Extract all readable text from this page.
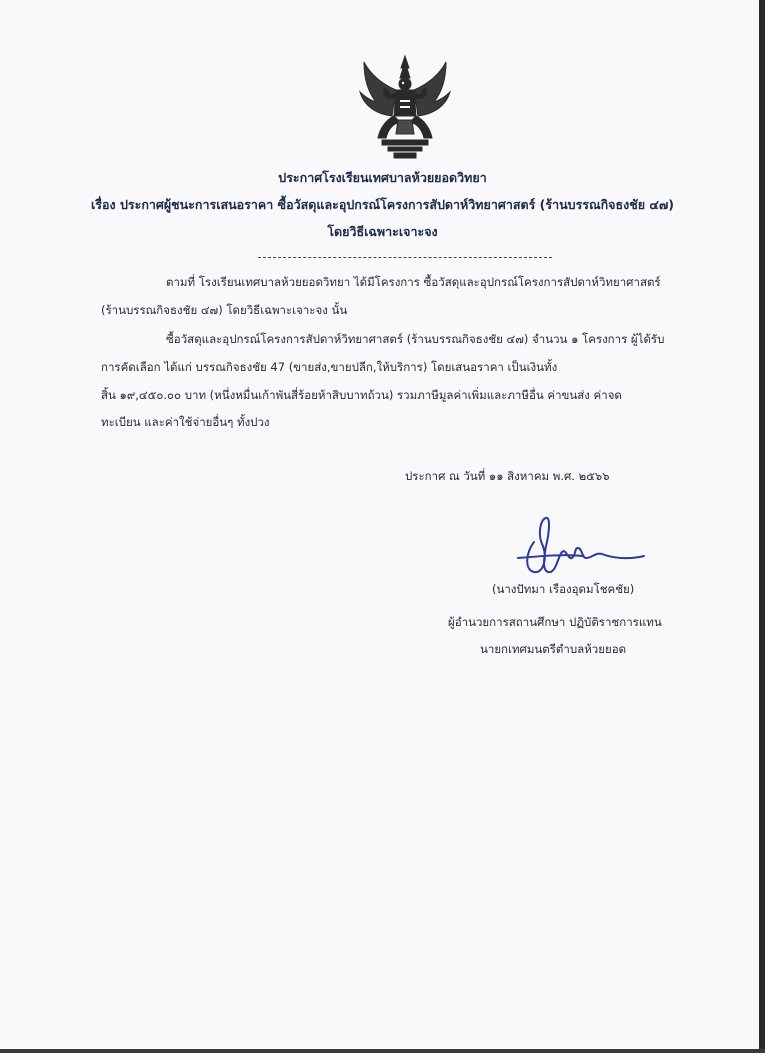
ประกาศโรงเรียนเทศบาลห้วยยอดวิทยา
เรื่อง ประกาศผู้ชนะการเสนอราคา ซื้อวัสดุและอุปกรณ์โครงการสัปดาห์วิทยาศาสตร์ (ร้านบรรณกิจธงชัย ๔๗)
โดยวิธีเฉพาะเจาะจง
ตามที่ โรงเรียนเทศบาลห้วยยอดวิทยา ได้มีโครงการ ซื้อวัสดุและอุปกรณ์โครงการสัปดาห์วิทยาศาสตร์
(ร้านบรรณกิจธงชัย ๔๗) โดยวิธีเฉพาะเจาะจง นั้น
ซื้อวัสดุและอุปกรณ์โครงการสัปดาห์วิทยาศาสตร์ (ร้านบรรณกิจธงชัย ๔๗) จำนวน ๑ โครงการ ผู้ได้รับ
การคัดเลือก ได้แก่ บรรณกิจธงชัย 47 (ขายส่ง,ขายปลีก,ให้บริการ) โดยเสนอราคา เป็นเงินทั้ง
สิ้น ๑๙,๔๕๐.๐๐ บาท (หนึ่งหมื่นเก้าพันสี่ร้อยห้าสิบบาทถ้วน) รวมภาษีมูลค่าเพิ่มและภาษีอื่น ค่าขนส่ง ค่าจด
ทะเบียน และค่าใช้จ่ายอื่นๆ ทั้งปวง
ประกาศ ณ วันที่ ๑๑ สิงหาคม พ.ศ. ๒๕๖๖
(นางปัทมา เรืองอุดมโชคชัย)
ผู้อำนวยการสถานศึกษา ปฏิบัติราชการแทน
นายกเทศมนตรีตำบลห้วยยอด
